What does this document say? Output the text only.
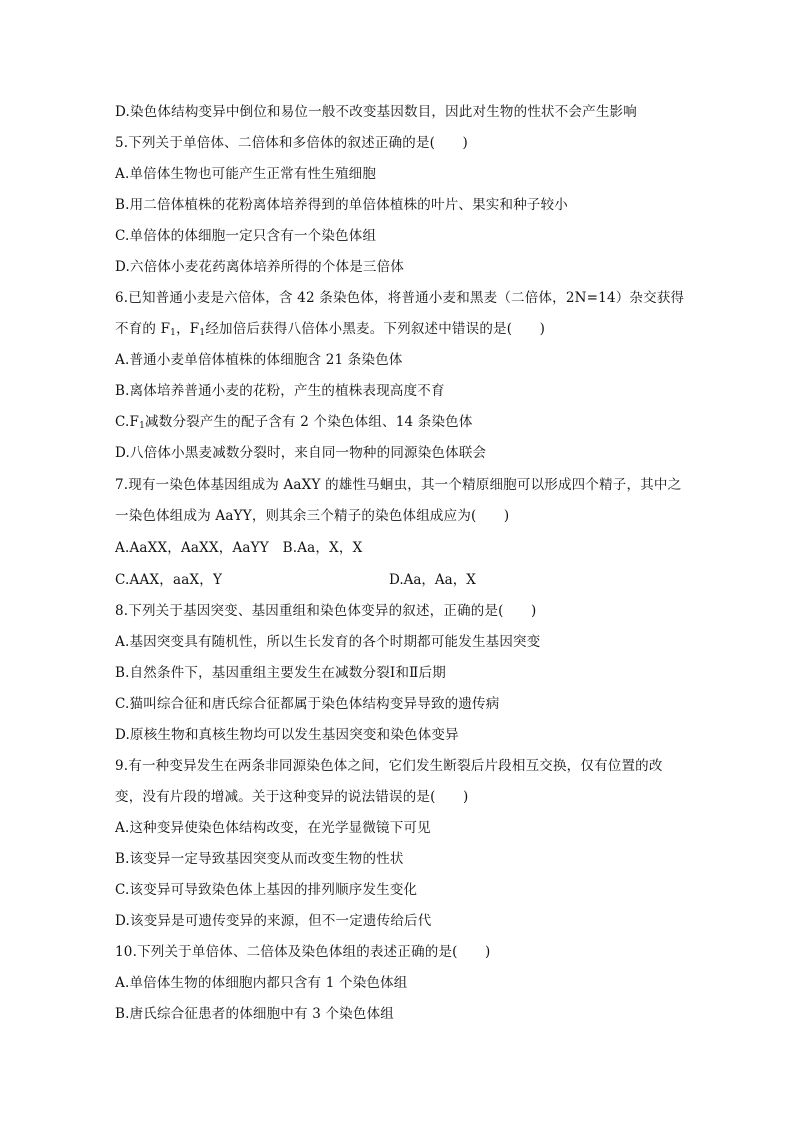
D.染色体结构变异中倒位和易位一般不改变基因数目，因此对生物的性状不会产生影响
5.下列关于单倍体、二倍体和多倍体的叙述正确的是(　　)
A.单倍体生物也可能产生正常有性生殖细胞
B.用二倍体植株的花粉离体培养得到的单倍体植株的叶片、果实和种子较小
C.单倍体的体细胞一定只含有一个染色体组
D.六倍体小麦花药离体培养所得的个体是三倍体
6.已知普通小麦是六倍体，含 42 条染色体，将普通小麦和黑麦（二倍体，2N=14）杂交获得
不育的 $F_1$，$F_1$经加倍后获得八倍体小黑麦。下列叙述中错误的是(　　)
A.普通小麦单倍体植株的体细胞含 21 条染色体
B.离体培养普通小麦的花粉，产生的植株表现高度不育
$C.F_1$减数分裂产生的配子含有 2 个染色体组、14 条染色体
D.八倍体小黑麦减数分裂时，来自同一物种的同源染色体联会
7.现有一染色体基因组成为 AaXY 的雄性马蛔虫，其一个精原细胞可以形成四个精子，其中之
一染色体组成为 AaYY，则其余三个精子的染色体组成应为(　　)
A.AaXX，AaXX，AaYY　B.Aa，X，X
C.AAX，aaX，Y	D.Aa，Aa，X
8.下列关于基因突变、基因重组和染色体变异的叙述，正确的是(　　)
A.基因突变具有随机性，所以生长发育的各个时期都可能发生基因突变
B.自然条件下，基因重组主要发生在减数分裂Ⅰ和Ⅱ后期
C.猫叫综合征和唐氏综合征都属于染色体结构变异导致的遗传病
D.原核生物和真核生物均可以发生基因突变和染色体变异
9.有一种变异发生在两条非同源染色体之间，它们发生断裂后片段相互交换，仅有位置的改
变，没有片段的增减。关于这种变异的说法错误的是(　　)
A.这种变异使染色体结构改变，在光学显微镜下可见
B.该变异一定导致基因突变从而改变生物的性状
C.该变异可导致染色体上基因的排列顺序发生变化
D.该变异是可遗传变异的来源，但不一定遗传给后代
10.下列关于单倍体、二倍体及染色体组的表述正确的是(　　)
A.单倍体生物的体细胞内都只含有 1 个染色体组
B.唐氏综合征患者的体细胞中有 3 个染色体组
